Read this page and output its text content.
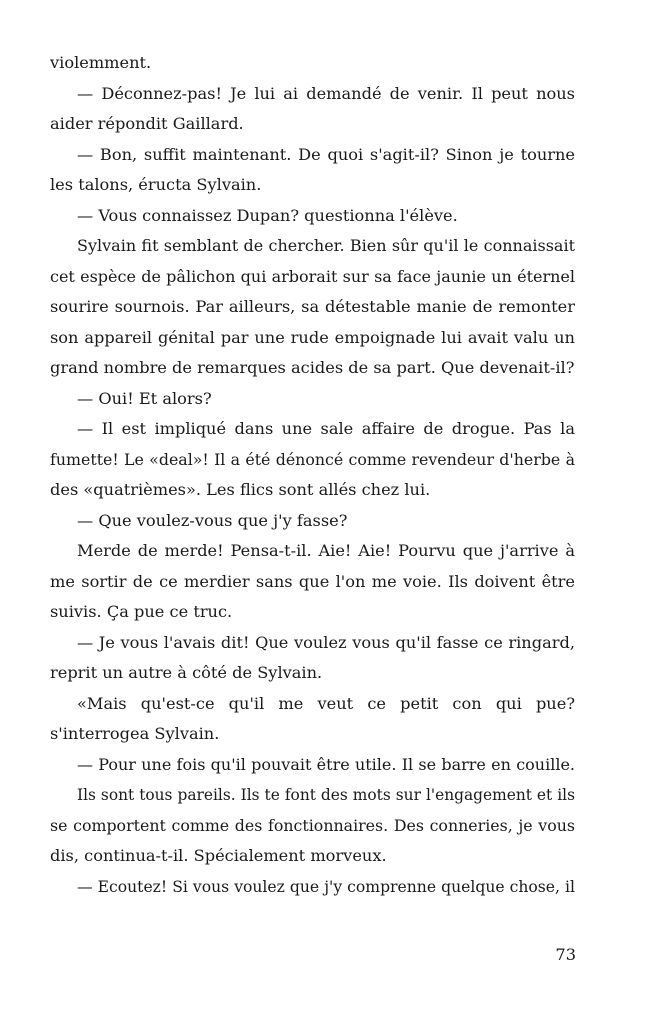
violemment.
— Déconnez-pas! Je lui ai demandé de venir. Il peut nous
aider répondit Gaillard.
— Bon, suffit maintenant. De quoi s'agit-il? Sinon je tourne
les talons, éructa Sylvain.
— Vous connaissez Dupan? questionna l'élève.
Sylvain fit semblant de chercher. Bien sûr qu'il le connaissait
cet espèce de pâlichon qui arborait sur sa face jaunie un éternel
sourire sournois. Par ailleurs, sa détestable manie de remonter
son appareil génital par une rude empoignade lui avait valu un
grand nombre de remarques acides de sa part. Que devenait-il?
— Oui! Et alors?
— Il est impliqué dans une sale affaire de drogue. Pas la
fumette! Le «deal»! Il a été dénoncé comme revendeur d'herbe à
des «quatrièmes». Les flics sont allés chez lui.
— Que voulez-vous que j'y fasse?
Merde de merde! Pensa-t-il. Aie! Aie! Pourvu que j'arrive à
me sortir de ce merdier sans que l'on me voie. Ils doivent être
suivis. Ça pue ce truc.
— Je vous l'avais dit! Que voulez vous qu'il fasse ce ringard,
reprit un autre à côté de Sylvain.
«Mais qu'est-ce qu'il me veut ce petit con qui pue?
s'interrogea Sylvain.
— Pour une fois qu'il pouvait être utile. Il se barre en couille.
Ils sont tous pareils. Ils te font des mots sur l'engagement et ils
se comportent comme des fonctionnaires. Des conneries, je vous
dis, continua-t-il. Spécialement morveux.
— Ecoutez! Si vous voulez que j'y comprenne quelque chose, il
73
